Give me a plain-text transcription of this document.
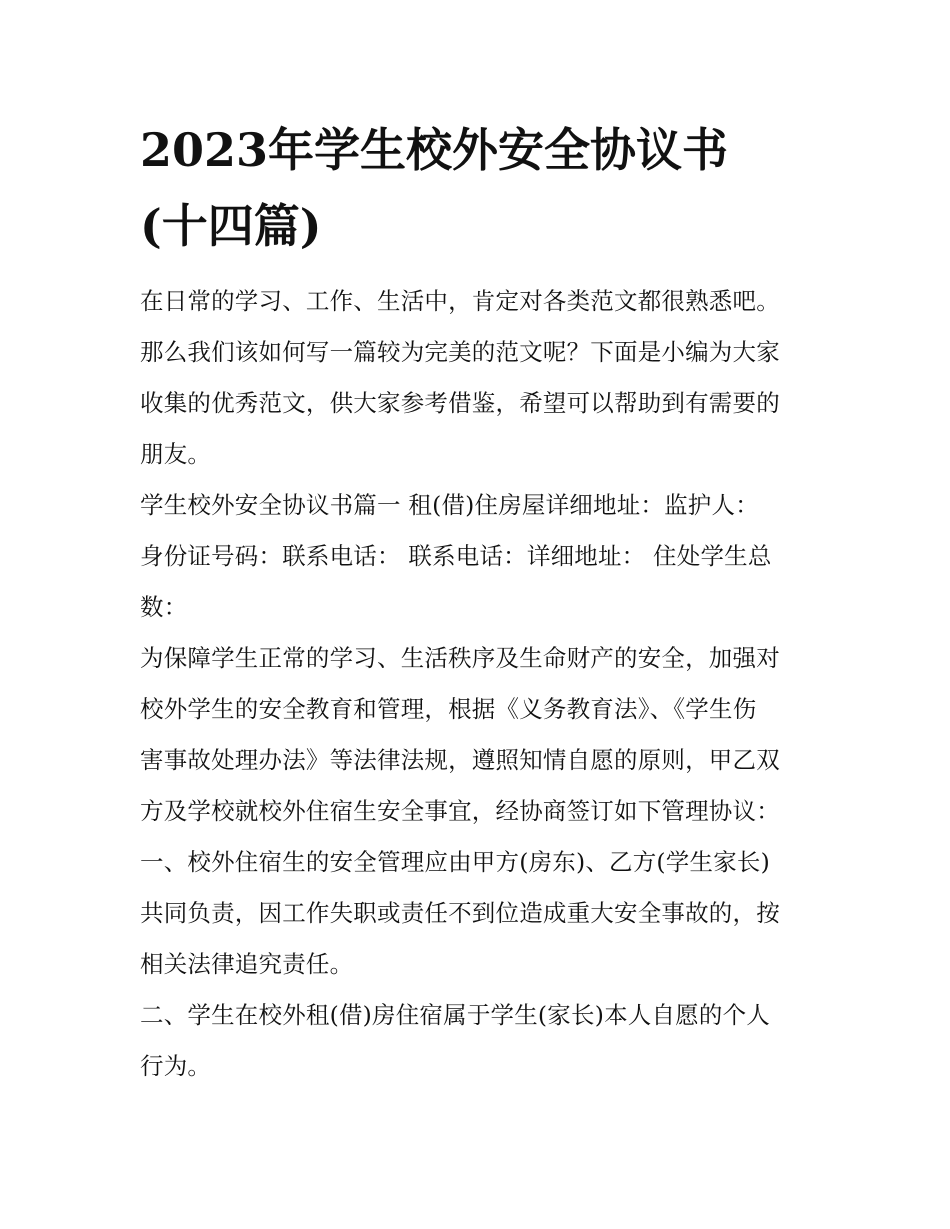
2023年学生校外安全协议书
(十四篇)

在日常的学习、工作、生活中，肯定对各类范文都很熟悉吧。
那么我们该如何写一篇较为完美的范文呢？下面是小编为大家
收集的优秀范文，供大家参考借鉴，希望可以帮助到有需要的
朋友。

学生校外安全协议书篇一 租(借)住房屋详细地址：监护人：
身份证号码：联系电话： 联系电话：详细地址： 住处学生总
数：

为保障学生正常的学习、生活秩序及生命财产的安全，加强对
校外学生的安全教育和管理，根据《义务教育法》、《学生伤
害事故处理办法》等法律法规，遵照知情自愿的原则，甲乙双
方及学校就校外住宿生安全事宜，经协商签订如下管理协议：

一、校外住宿生的安全管理应由甲方(房东)、乙方(学生家长)
共同负责，因工作失职或责任不到位造成重大安全事故的，按
相关法律追究责任。

二、学生在校外租(借)房住宿属于学生(家长)本人自愿的个人
行为。
